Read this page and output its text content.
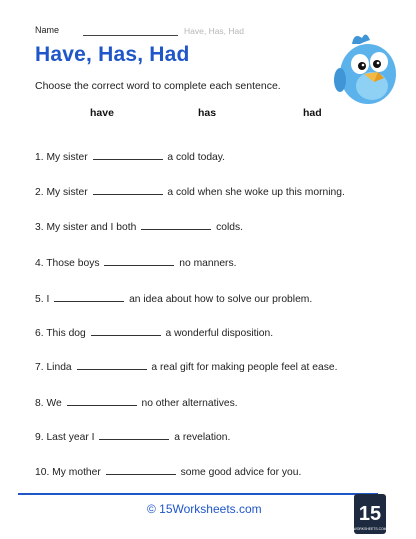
Name	Have, Has, Had
Have, Has, Had
Choose the correct word to complete each sentence.
have	has	had
1. My sister	a cold today.
2. My sister	a cold when she woke up this morning.
3. My sister and I both	colds.
4. Those boys	no manners.
5. I	an idea about how to solve our problem.
6. This dog	a wonderful disposition.
7. Linda	a real gift for making people feel at ease.
8. We	no other alternatives.
9. Last year I	a revelation.
10. My mother	some good advice for you.
© 15Worksheets.com	15
WORKSHEETS.COM
